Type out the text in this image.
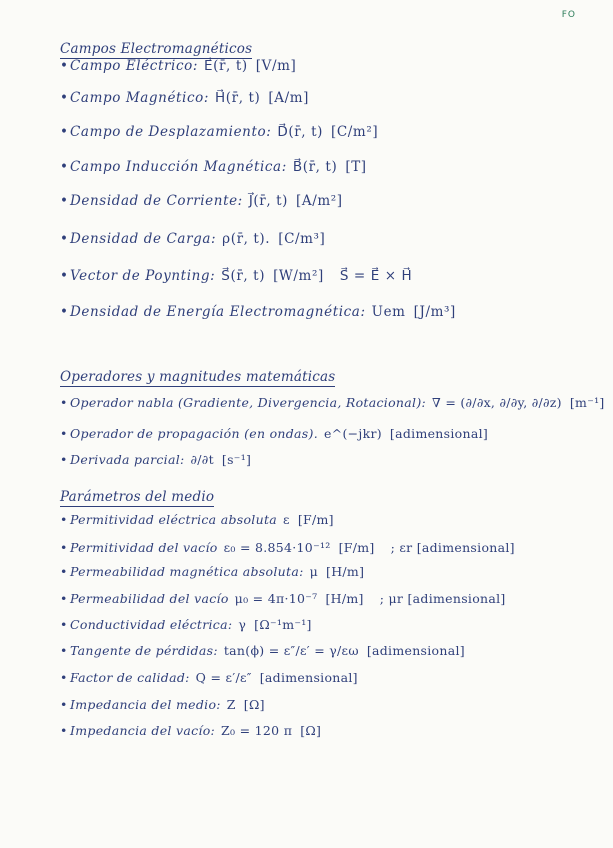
FO
Campos Electromagnéticos
•Campo Eléctrico: E⃗(r̄, t) [V/m]
•Campo Magnético: H⃗(r̄, t) [A/m]
•Campo de Desplazamiento: D⃗(r̄, t) [C/m²]
•Campo Inducción Magnética: B⃗(r̄, t) [T]
•Densidad de Corriente: J⃗(r̄, t) [A/m²]
•Densidad de Carga: ρ(r̄, t). [C/m³]
•Vector de Poynting: S⃗(r̄, t) [W/m²] S⃗ = E⃗ × H⃗
•Densidad de Energía Electromagnética: Uem [J/m³]
Operadores y magnitudes matemáticas
• Operador nabla (Gradiente, Divergencia, Rotacional): ∇ = (∂/∂x, ∂/∂y, ∂/∂z) [m⁻¹]
• Operador de propagación (en ondas). e^(−jkr) [adimensional]
• Derivada parcial: ∂/∂t [s⁻¹]
Parámetros del medio
• Permitividad eléctrica absoluta ε [F/m]
• Permitividad del vacío ε₀ = 8.854·10⁻¹² [F/m] ; εr [adimensional]
• Permeabilidad magnética absoluta: μ [H/m]
• Permeabilidad del vacío μ₀ = 4π·10⁻⁷ [H/m] ; μr [adimensional]
• Conductividad eléctrica: γ [Ω⁻¹m⁻¹]
• Tangente de pérdidas: tan(ϕ) = ε″/ε′ = γ/εω [adimensional]
• Factor de calidad: Q = ε′/ε″ [adimensional]
• Impedancia del medio: Z [Ω]
• Impedancia del vacío: Z₀ = 120 π [Ω]
